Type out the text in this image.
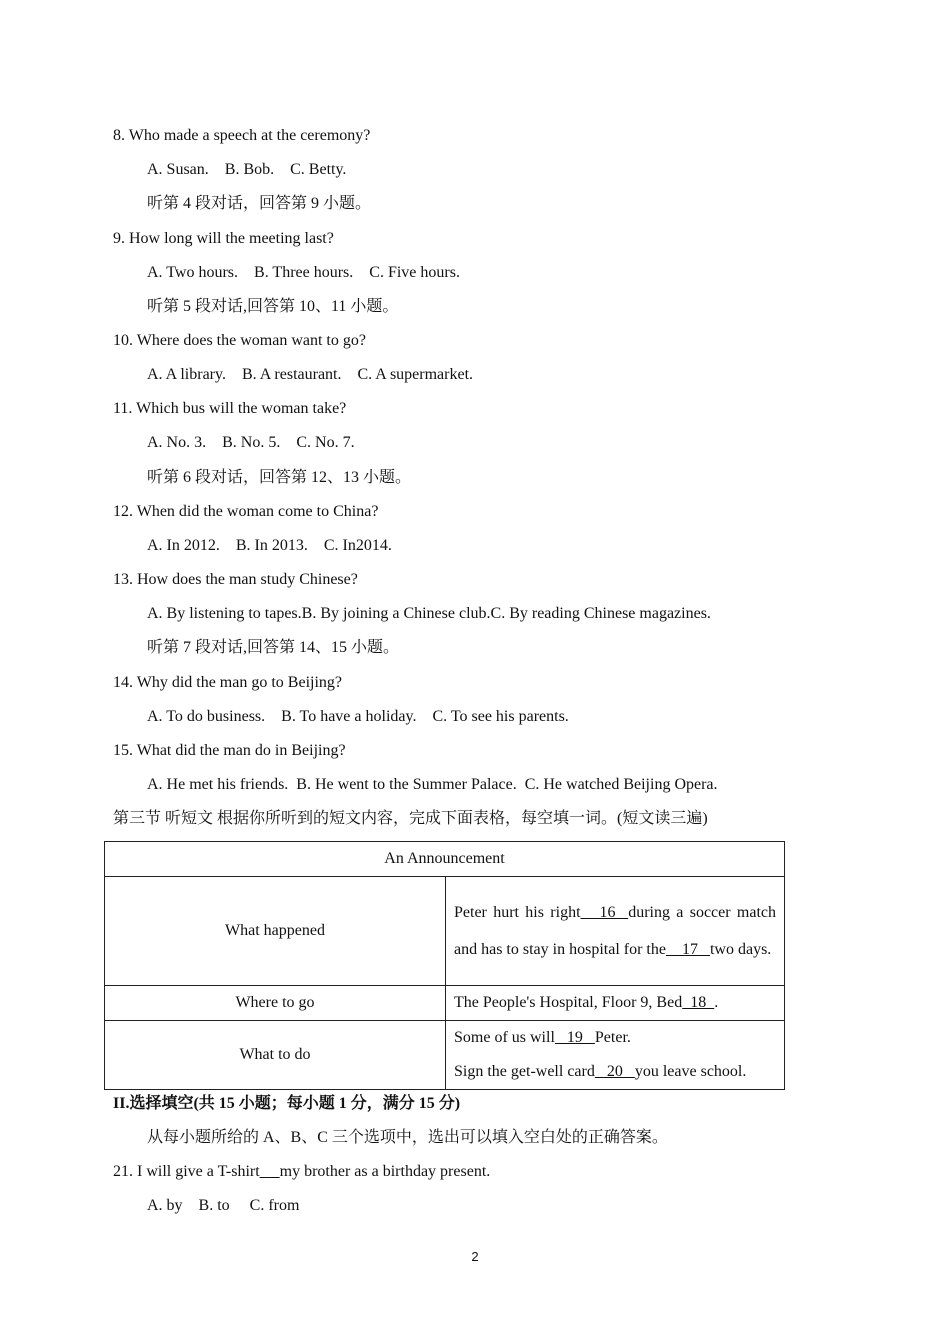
8. Who made a speech at the ceremony?
A. Susan.    B. Bob.    C. Betty.
听第 4 段对话，回答第 9 小题。
9. How long will the meeting last?
A. Two hours.    B. Three hours.    C. Five hours.
听第 5 段对话,回答第 10、11 小题。
10. Where does the woman want to go?
A. A library.    B. A restaurant.    C. A supermarket.
11. Which bus will the woman take?
A. No. 3.    B. No. 5.    C. No. 7.
听第 6 段对话，回答第 12、13 小题。
12. When did the woman come to China?
A. In 2012.    B. In 2013.    C. In2014.
13. How does the man study Chinese?
A. By listening to tapes.B. By joining a Chinese club.C. By reading Chinese magazines.
听第 7 段对话,回答第 14、15 小题。
14. Why did the man go to Beijing?
A. To do business.    B. To have a holiday.    C. To see his parents.
15. What did the man do in Beijing?
A. He met his friends.  B. He went to the Summer Palace.  C. He watched Beijing Opera.
第三节 听短文 根据你所听到的短文内容，完成下面表格，每空填一词。(短文读三遍)
An Announcement	
What happened	Peter hurt his right   16  during a soccer match and has to stay in hospital for the    17   two days.
Where to go	The People's Hospital, Floor 9, Bed  18  .
What to do	Some of us will   19   Peter.
Sign the get-well card   20   you leave school.
II.选择填空(共 15 小题；每小题 1 分，满分 15 分)
从每小题所给的 A、B、C 三个选项中，选出可以填入空白处的正确答案。
21. I will give a T-shirt my brother as a birthday present.
A. by    B. to     C. from
2
